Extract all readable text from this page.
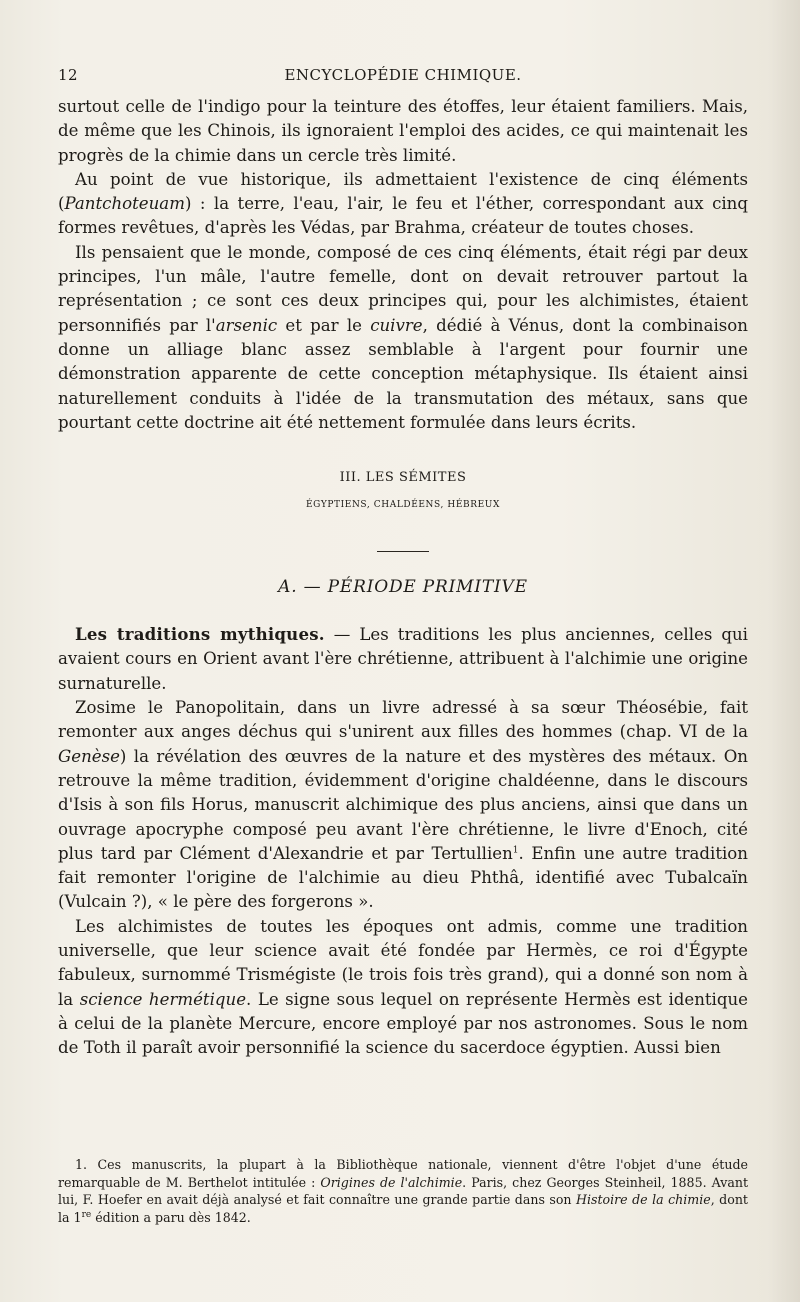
12	ENCYCLOPÉDIE CHIMIQUE.

surtout celle de l'indigo pour la teinture des étoffes, leur étaient familiers. Mais, de même que les Chinois, ils ignoraient l'emploi des acides, ce qui maintenait les progrès de la chimie dans un cercle très limité.

Au point de vue historique, ils admettaient l'existence de cinq éléments (Pantchoteuam) : la terre, l'eau, l'air, le feu et l'éther, correspondant aux cinq formes revêtues, d'après les Védas, par Brahma, créateur de toutes choses.

Ils pensaient que le monde, composé de ces cinq éléments, était régi par deux principes, l'un mâle, l'autre femelle, dont on devait retrouver partout la représentation ; ce sont ces deux principes qui, pour les alchimistes, étaient personnifiés par l'arsenic et par le cuivre, dédié à Vénus, dont la combinaison donne un alliage blanc assez semblable à l'argent pour fournir une démonstration apparente de cette conception métaphysique. Ils étaient ainsi naturellement conduits à l'idée de la transmutation des métaux, sans que pourtant cette doctrine ait été nettement formulée dans leurs écrits.

III. LES SÉMITES
ÉGYPTIENS, CHALDÉENS, HÉBREUX
A. — PÉRIODE PRIMITIVE

Les traditions mythiques. — Les traditions les plus anciennes, celles qui avaient cours en Orient avant l'ère chrétienne, attribuent à l'alchimie une origine surnaturelle.

Zosime le Panopolitain, dans un livre adressé à sa sœur Théosébie, fait remonter aux anges déchus qui s'unirent aux filles des hommes (chap. VI de la Genèse) la révélation des œuvres de la nature et des mystères des métaux. On retrouve la même tradition, évidemment d'origine chaldéenne, dans le discours d'Isis à son fils Horus, manuscrit alchimique des plus anciens, ainsi que dans un ouvrage apocryphe composé peu avant l'ère chrétienne, le livre d'Enoch, cité plus tard par Clément d'Alexandrie et par Tertullien$^1$. Enfin une autre tradition fait remonter l'origine de l'alchimie au dieu Phthâ, identifié avec Tubalcaïn (Vulcain ?), « le père des forgerons ».

Les alchimistes de toutes les époques ont admis, comme une tradition universelle, que leur science avait été fondée par Hermès, ce roi d'Égypte fabuleux, surnommé Trismégiste (le trois fois très grand), qui a donné son nom à la science hermétique. Le signe sous lequel on représente Hermès est identique à celui de la planète Mercure, encore employé par nos astronomes. Sous le nom de Toth il paraît avoir personnifié la science du sacerdoce égyptien. Aussi bien

1. Ces manuscrits, la plupart à la Bibliothèque nationale, viennent d'être l'objet d'une étude remarquable de M. Berthelot intitulée : Origines de l'alchimie. Paris, chez Georges Steinheil, 1885. Avant lui, F. Hoefer en avait déjà analysé et fait connaître une grande partie dans son Histoire de la chimie, dont la 1re édition a paru dès 1842.
